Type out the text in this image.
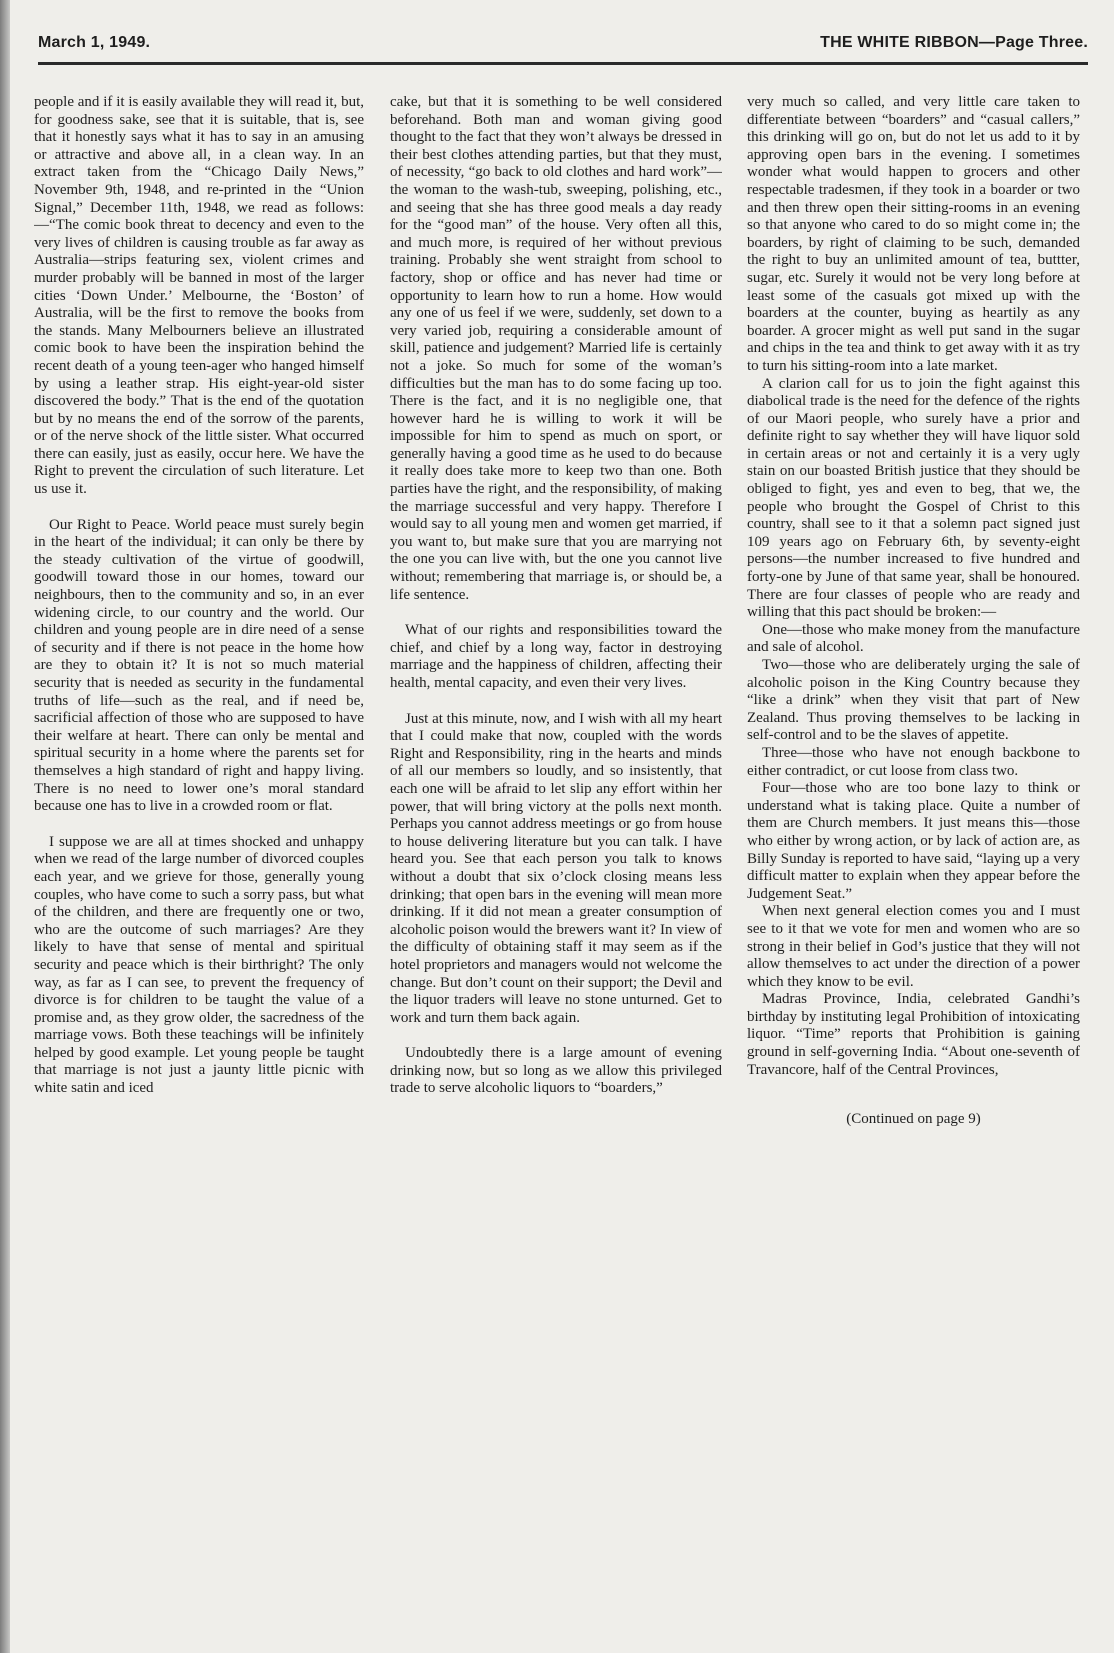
March 1, 1949.	THE WHITE RIBBON—Page Three.

people and if it is easily available they will read it, but, for goodness sake, see that it is suitable, that is, see that it honestly says what it has to say in an amusing or attractive and above all, in a clean way. In an extract taken from the “Chicago Daily News,” November 9th, 1948, and re-printed in the “Union Signal,” December 11th, 1948, we read as follows:—“The comic book threat to decency and even to the very lives of children is causing trouble as far away as Australia—strips featuring sex, violent crimes and murder probably will be banned in most of the larger cities ‘Down Under.’ Melbourne, the ‘Boston’ of Australia, will be the first to remove the books from the stands. Many Melbourners believe an illustrated comic book to have been the inspiration behind the recent death of a young teen-ager who hanged himself by using a leather strap. His eight-year-old sister discovered the body.” That is the end of the quotation but by no means the end of the sorrow of the parents, or of the nerve shock of the little sister. What occurred there can easily, just as easily, occur here. We have the Right to prevent the circulation of such literature. Let us use it.

Our Right to Peace. World peace must surely begin in the heart of the individual; it can only be there by the steady cultivation of the virtue of goodwill, goodwill toward those in our homes, toward our neighbours, then to the community and so, in an ever widening circle, to our country and the world. Our children and young people are in dire need of a sense of security and if there is not peace in the home how are they to obtain it? It is not so much material security that is needed as security in the fundamental truths of life—such as the real, and if need be, sacrificial affection of those who are supposed to have their welfare at heart. There can only be mental and spiritual security in a home where the parents set for themselves a high standard of right and happy living. There is no need to lower one’s moral standard because one has to live in a crowded room or flat.

I suppose we are all at times shocked and unhappy when we read of the large number of divorced couples each year, and we grieve for those, generally young couples, who have come to such a sorry pass, but what of the children, and there are frequently one or two, who are the outcome of such marriages? Are they likely to have that sense of mental and spiritual security and peace which is their birthright? The only way, as far as I can see, to prevent the frequency of divorce is for children to be taught the value of a promise and, as they grow older, the sacredness of the marriage vows. Both these teachings will be infinitely helped by good example. Let young people be taught that marriage is not just a jaunty little picnic with white satin and iced

cake, but that it is something to be well considered beforehand. Both man and woman giving good thought to the fact that they won’t always be dressed in their best clothes attending parties, but that they must, of necessity, “go back to old clothes and hard work”—the woman to the wash-tub, sweeping, polishing, etc., and seeing that she has three good meals a day ready for the “good man” of the house. Very often all this, and much more, is required of her without previous training. Probably she went straight from school to factory, shop or office and has never had time or opportunity to learn how to run a home. How would any one of us feel if we were, suddenly, set down to a very varied job, requiring a considerable amount of skill, patience and judgement? Married life is certainly not a joke. So much for some of the woman’s difficulties but the man has to do some facing up too. There is the fact, and it is no negligible one, that however hard he is willing to work it will be impossible for him to spend as much on sport, or generally having a good time as he used to do because it really does take more to keep two than one. Both parties have the right, and the responsibility, of making the marriage successful and very happy. Therefore I would say to all young men and women get married, if you want to, but make sure that you are marrying not the one you can live with, but the one you cannot live without; remembering that marriage is, or should be, a life sentence.

What of our rights and responsibilities toward the chief, and chief by a long way, factor in destroying marriage and the happiness of children, affecting their health, mental capacity, and even their very lives.

Just at this minute, now, and I wish with all my heart that I could make that now, coupled with the words Right and Responsibility, ring in the hearts and minds of all our members so loudly, and so insistently, that each one will be afraid to let slip any effort within her power, that will bring victory at the polls next month. Perhaps you cannot address meetings or go from house to house delivering literature but you can talk. I have heard you. See that each person you talk to knows without a doubt that six o’clock closing means less drinking; that open bars in the evening will mean more drinking. If it did not mean a greater consumption of alcoholic poison would the brewers want it? In view of the difficulty of obtaining staff it may seem as if the hotel proprietors and managers would not welcome the change. But don’t count on their support; the Devil and the liquor traders will leave no stone unturned. Get to work and turn them back again.

Undoubtedly there is a large amount of evening drinking now, but so long as we allow this privileged trade to serve alcoholic liquors to “boarders,”

very much so called, and very little care taken to differentiate between “boarders” and “casual callers,” this drinking will go on, but do not let us add to it by approving open bars in the evening. I sometimes wonder what would happen to grocers and other respectable tradesmen, if they took in a boarder or two and then threw open their sitting-rooms in an evening so that anyone who cared to do so might come in; the boarders, by right of claiming to be such, demanded the right to buy an unlimited amount of tea, buttter, sugar, etc. Surely it would not be very long before at least some of the casuals got mixed up with the boarders at the counter, buying as heartily as any boarder. A grocer might as well put sand in the sugar and chips in the tea and think to get away with it as try to turn his sitting-room into a late market.

A clarion call for us to join the fight against this diabolical trade is the need for the defence of the rights of our Maori people, who surely have a prior and definite right to say whether they will have liquor sold in certain areas or not and certainly it is a very ugly stain on our boasted British justice that they should be obliged to fight, yes and even to beg, that we, the people who brought the Gospel of Christ to this country, shall see to it that a solemn pact signed just 109 years ago on February 6th, by seventy-eight persons—the number increased to five hundred and forty-one by June of that same year, shall be honoured. There are four classes of people who are ready and willing that this pact should be broken:—

One—those who make money from the manufacture and sale of alcohol.

Two—those who are deliberately urging the sale of alcoholic poison in the King Country because they “like a drink” when they visit that part of New Zealand. Thus proving themselves to be lacking in self-control and to be the slaves of appetite.

Three—those who have not enough backbone to either contradict, or cut loose from class two.

Four—those who are too bone lazy to think or understand what is taking place. Quite a number of them are Church members. It just means this—those who either by wrong action, or by lack of action are, as Billy Sunday is reported to have said, “laying up a very difficult matter to explain when they appear before the Judgement Seat.”

When next general election comes you and I must see to it that we vote for men and women who are so strong in their belief in God’s justice that they will not allow themselves to act under the direction of a power which they know to be evil.

Madras Province, India, celebrated Gandhi’s birthday by instituting legal Prohibition of intoxicating liquor. “Time” reports that Prohibition is gaining ground in self-governing India. “About one-seventh of Travancore, half of the Central Provinces,

(Continued on page 9)
